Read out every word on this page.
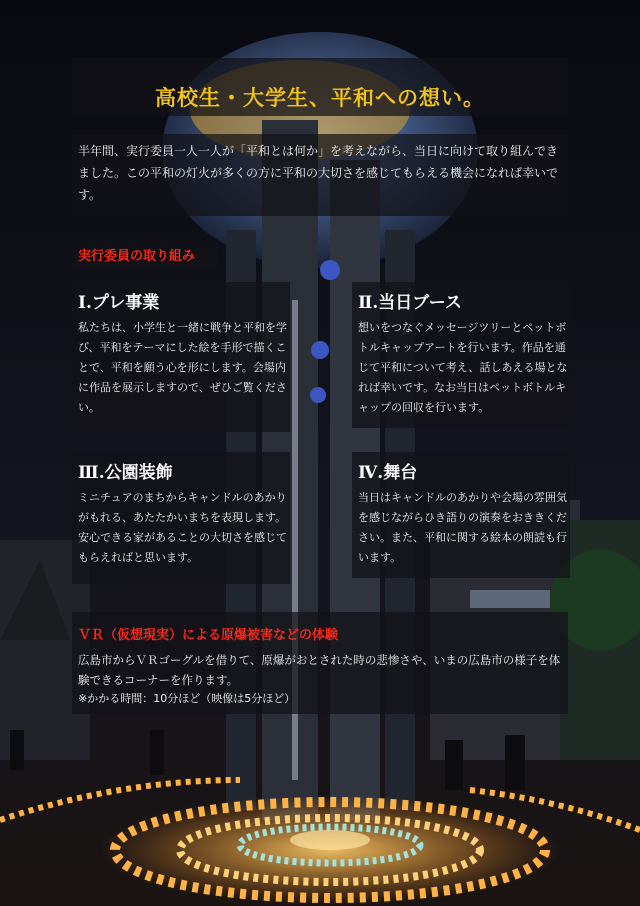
高校生・大学生、平和への想い。
半年間、実行委員一人一人が「平和とは何か」を考えながら、当日に向けて取り組んできました。この平和の灯火が多くの方に平和の大切さを感じてもらえる機会になれば幸いです。
実行委員の取り組み
Ⅰ.プレ事業
私たちは、小学生と一緒に戦争と平和を学び、平和をテーマにした絵を手形で描くことで、平和を願う心を形にします。会場内に作品を展示しますので、ぜひご覧ください。
Ⅱ.当日ブース
想いをつなぐメッセージツリーとペットボトルキャップアートを行います。作品を通じて平和について考え、話しあえる場となれば幸いです。なお当日はペットボトルキャップの回収を行います。
Ⅲ.公園装飾
ミニチュアのまちからキャンドルのあかりがもれる、あたたかいまちを表現します。安心できる家があることの大切さを感じてもらえればと思います。
Ⅳ.舞台
当日はキャンドルのあかりや会場の雰囲気を感じながらひき語りの演奏をおききください。また、平和に関する絵本の朗読も行います。
ＶＲ（仮想現実）による原爆被害などの体験
広島市からＶＲゴーグルを借りて、原爆がおとされた時の悲惨さや、いまの広島市の様子を体験できるコーナーを作ります。
※かかる時間：10分ほど（映像は5分ほど）
